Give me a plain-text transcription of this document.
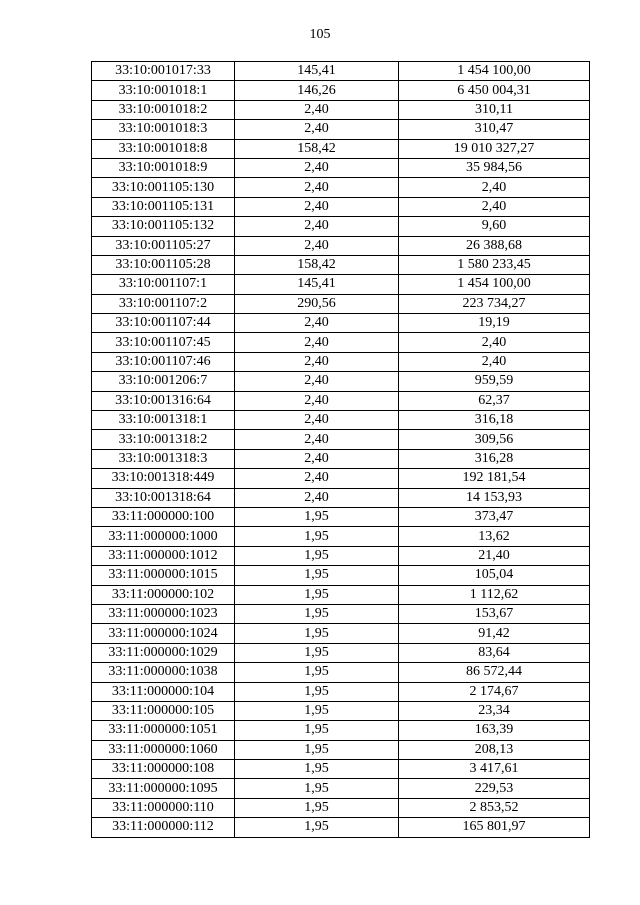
105
33:10:001017:33	145,41	1 454 100,00
33:10:001018:1	146,26	6 450 004,31
33:10:001018:2	2,40	310,11
33:10:001018:3	2,40	310,47
33:10:001018:8	158,42	19 010 327,27
33:10:001018:9	2,40	35 984,56
33:10:001105:130	2,40	2,40
33:10:001105:131	2,40	2,40
33:10:001105:132	2,40	9,60
33:10:001105:27	2,40	26 388,68
33:10:001105:28	158,42	1 580 233,45
33:10:001107:1	145,41	1 454 100,00
33:10:001107:2	290,56	223 734,27
33:10:001107:44	2,40	19,19
33:10:001107:45	2,40	2,40
33:10:001107:46	2,40	2,40
33:10:001206:7	2,40	959,59
33:10:001316:64	2,40	62,37
33:10:001318:1	2,40	316,18
33:10:001318:2	2,40	309,56
33:10:001318:3	2,40	316,28
33:10:001318:449	2,40	192 181,54
33:10:001318:64	2,40	14 153,93
33:11:000000:100	1,95	373,47
33:11:000000:1000	1,95	13,62
33:11:000000:1012	1,95	21,40
33:11:000000:1015	1,95	105,04
33:11:000000:102	1,95	1 112,62
33:11:000000:1023	1,95	153,67
33:11:000000:1024	1,95	91,42
33:11:000000:1029	1,95	83,64
33:11:000000:1038	1,95	86 572,44
33:11:000000:104	1,95	2 174,67
33:11:000000:105	1,95	23,34
33:11:000000:1051	1,95	163,39
33:11:000000:1060	1,95	208,13
33:11:000000:108	1,95	3 417,61
33:11:000000:1095	1,95	229,53
33:11:000000:110	1,95	2 853,52
33:11:000000:112	1,95	165 801,97
